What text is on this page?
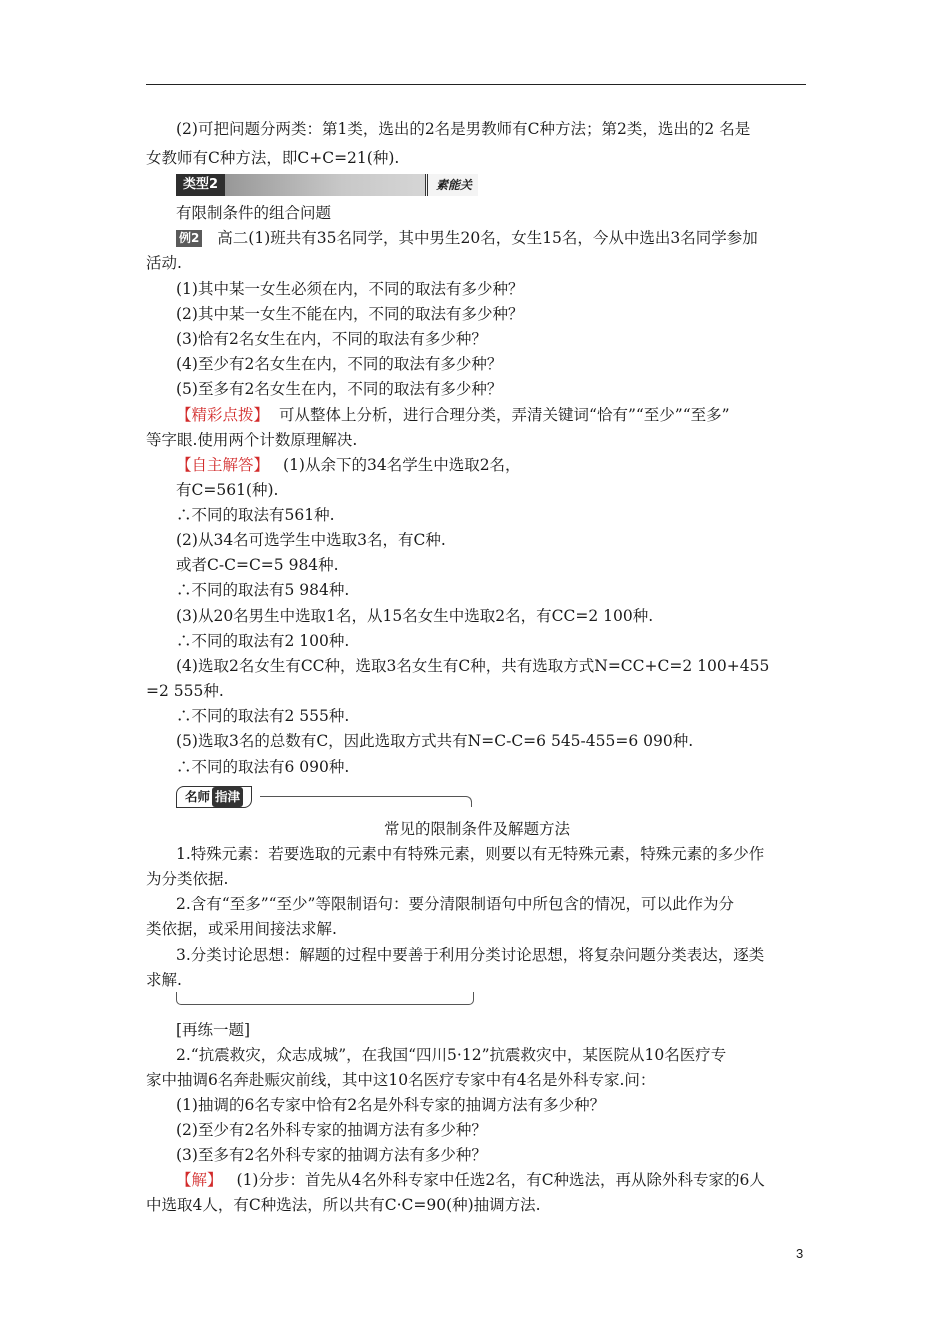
(2)可把问题分两类：第1类，选出的2名是男教师有C种方法；第2类，选出的2 名是
女教师有C种方法，即C+C=21(种).
类型2	素能关
有限制条件的组合问题
例2 高二(1)班共有35名同学，其中男生20名，女生15名，今从中选出3名同学参加
活动.
(1)其中某一女生必须在内，不同的取法有多少种？
(2)其中某一女生不能在内，不同的取法有多少种？
(3)恰有2名女生在内，不同的取法有多少种？
(4)至少有2名女生在内，不同的取法有多少种？
(5)至多有2名女生在内，不同的取法有多少种？
【精彩点拨】 可从整体上分析，进行合理分类，弄清关键词“恰有”“至少”“至多”
等字眼.使用两个计数原理解决.
【自主解答】 (1)从余下的34名学生中选取2名，
有C=561(种).
∴不同的取法有561种.
(2)从34名可选学生中选取3名，有C种.
或者C-C=C=5 984种.
∴不同的取法有5 984种.
(3)从20名男生中选取1名，从15名女生中选取2名，有CC=2 100种.
∴不同的取法有2 100种.
(4)选取2名女生有CC种，选取3名女生有C种，共有选取方式N=CC+C=2 100+455
=2 555种.
∴不同的取法有2 555种.
(5)选取3名的总数有C，因此选取方式共有N=C-C=6 545-455=6 090种.
∴不同的取法有6 090种.
名师 指津
常见的限制条件及解题方法
1.特殊元素：若要选取的元素中有特殊元素，则要以有无特殊元素，特殊元素的多少作
为分类依据.
2.含有“至多”“至少”等限制语句：要分清限制语句中所包含的情况，可以此作为分
类依据，或采用间接法求解.
3.分类讨论思想：解题的过程中要善于利用分类讨论思想，将复杂问题分类表达，逐类
求解.
[再练一题]
2.“抗震救灾，众志成城”，在我国“四川5·12”抗震救灾中，某医院从10名医疗专
家中抽调6名奔赴赈灾前线，其中这10名医疗专家中有4名是外科专家.问：
(1)抽调的6名专家中恰有2名是外科专家的抽调方法有多少种？
(2)至少有2名外科专家的抽调方法有多少种？
(3)至多有2名外科专家的抽调方法有多少种？
【解】 (1)分步：首先从4名外科专家中任选2名，有C种选法，再从除外科专家的6人
中选取4人，有C种选法，所以共有C·C=90(种)抽调方法.
3
